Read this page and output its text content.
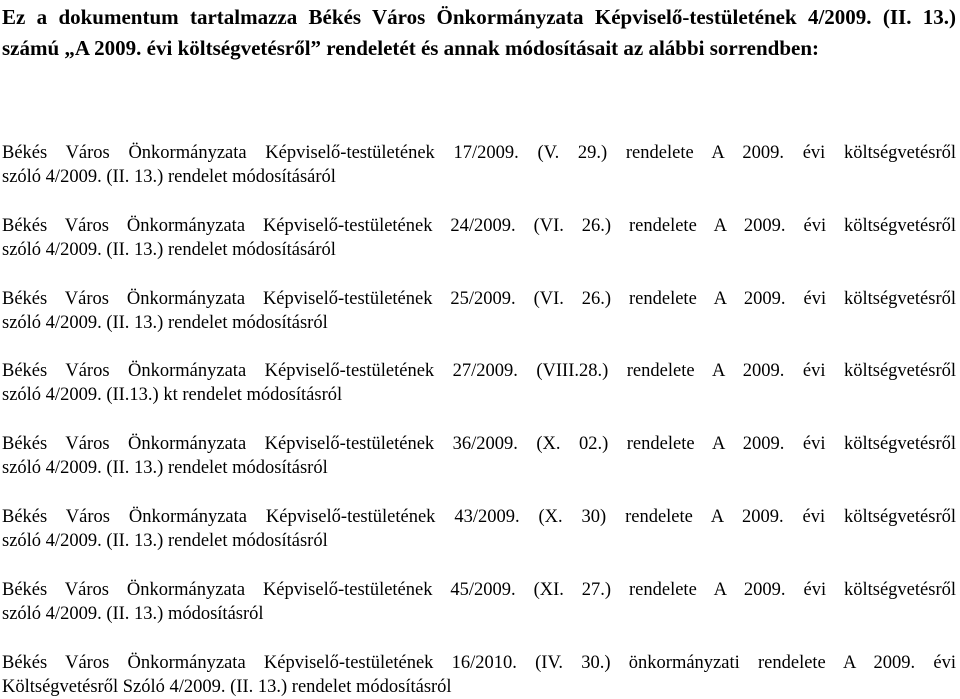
Ez a dokumentum tartalmazza Békés Város Önkormányzata Képviselő-testületének 4/2009. (II. 13.) számú „A 2009. évi költségvetésről” rendeletét és annak módosításait az alábbi sorrendben:

Békés Város Önkormányzata Képviselő-testületének 17/2009. (V. 29.) rendelete A 2009. évi költségvetésről
szóló 4/2009. (II. 13.) rendelet módosításáról

Békés Város Önkormányzata Képviselő-testületének 24/2009. (VI. 26.) rendelete A 2009. évi költségvetésről
szóló 4/2009. (II. 13.) rendelet módosításáról

Békés Város Önkormányzata Képviselő-testületének 25/2009. (VI. 26.) rendelete A 2009. évi költségvetésről
szóló 4/2009. (II. 13.) rendelet módosításról

Békés Város Önkormányzata Képviselő-testületének 27/2009. (VIII.28.) rendelete A 2009. évi költségvetésről
szóló 4/2009. (II.13.) kt rendelet módosításról

Békés Város Önkormányzata Képviselő-testületének 36/2009. (X. 02.) rendelete A 2009. évi költségvetésről
szóló 4/2009. (II. 13.) rendelet módosításról

Békés Város Önkormányzata Képviselő-testületének 43/2009. (X. 30) rendelete A 2009. évi költségvetésről
szóló 4/2009. (II. 13.) rendelet módosításról

Békés Város Önkormányzata Képviselő-testületének 45/2009. (XI. 27.) rendelete A 2009. évi költségvetésről
szóló 4/2009. (II. 13.) módosításról

Békés Város Önkormányzata Képviselő-testületének 16/2010. (IV. 30.) önkormányzati rendelete A 2009. évi
Költségvetésről Szóló 4/2009. (II. 13.) rendelet módosításról
